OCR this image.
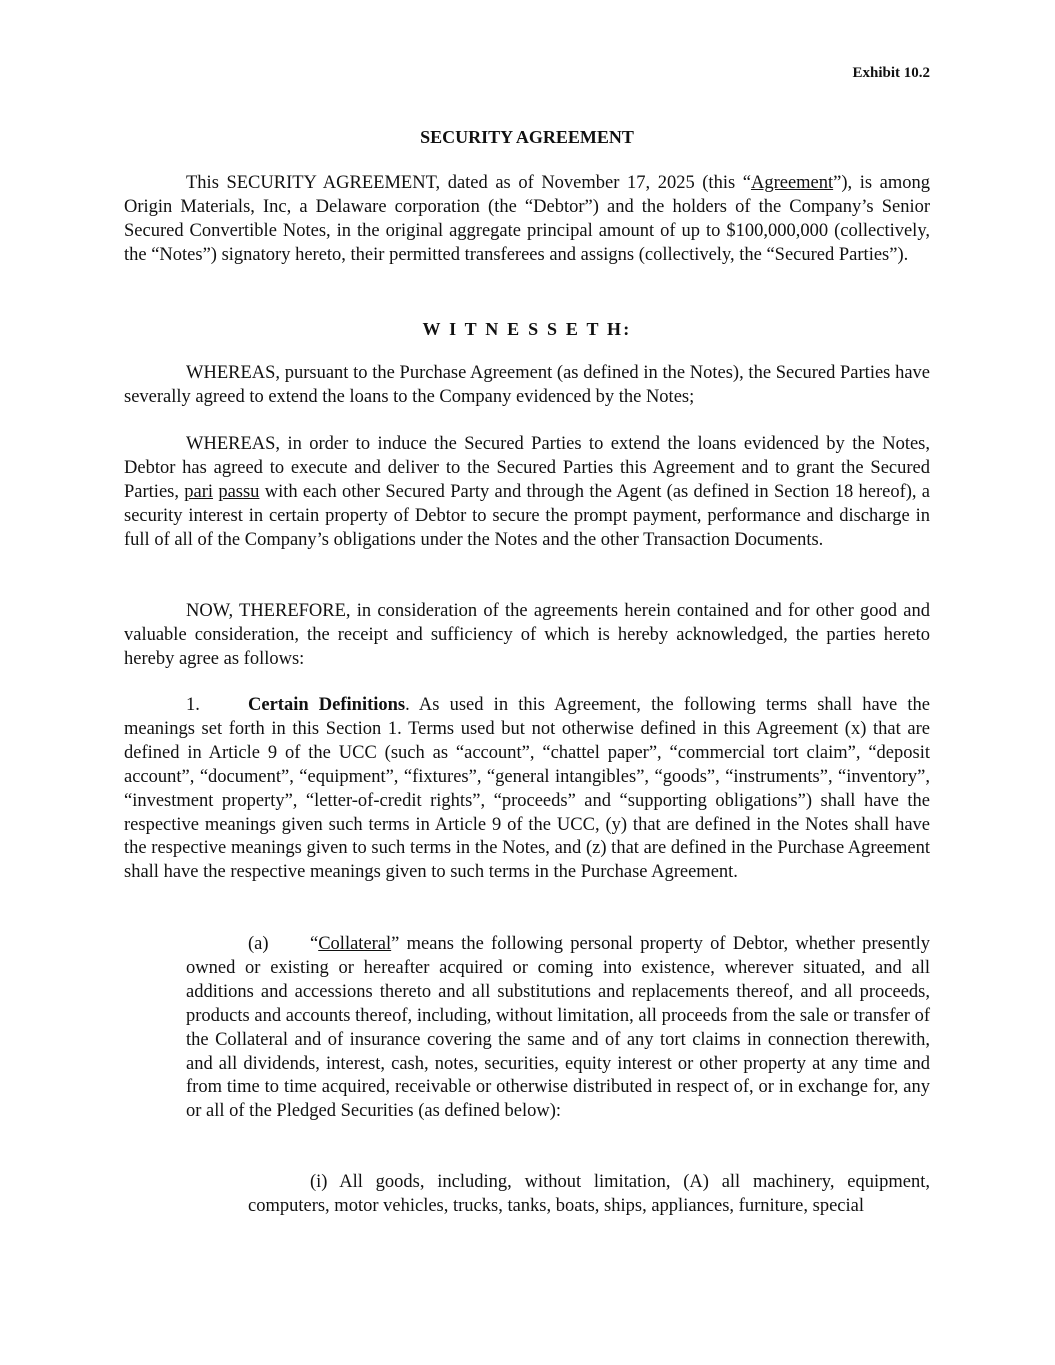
Exhibit 10.2
SECURITY AGREEMENT

This SECURITY AGREEMENT, dated as of November 17, 2025 (this “Agreement”), is among Origin Materials, Inc, a Delaware corporation (the “Debtor”) and the holders of the Company’s Senior Secured Convertible Notes, in the original aggregate principal amount of up to $100,000,000 (collectively, the “Notes”) signatory hereto, their permitted transferees and assigns (collectively, the “Secured Parties”).

W I T N E S S E T H:

WHEREAS, pursuant to the Purchase Agreement (as defined in the Notes), the Secured Parties have severally agreed to extend the loans to the Company evidenced by the Notes;

WHEREAS, in order to induce the Secured Parties to extend the loans evidenced by the Notes, Debtor has agreed to execute and deliver to the Secured Parties this Agreement and to grant the Secured Parties, pari passu with each other Secured Party and through the Agent (as defined in Section 18 hereof), a security interest in certain property of Debtor to secure the prompt payment, performance and discharge in full of all of the Company’s obligations under the Notes and the other Transaction Documents.

NOW, THEREFORE, in consideration of the agreements herein contained and for other good and valuable consideration, the receipt and sufficiency of which is hereby acknowledged, the parties hereto hereby agree as follows:

1.	Certain Definitions. As used in this Agreement, the following terms shall have the meanings set forth in this Section 1. Terms used but not otherwise defined in this Agreement (x) that are defined in Article 9 of the UCC (such as “account”, “chattel paper”, “commercial tort claim”, “deposit account”, “document”, “equipment”, “fixtures”, “general intangibles”, “goods”, “instruments”, “inventory”, “investment property”, “letter-of-credit rights”, “proceeds” and “supporting obligations”) shall have the respective meanings given such terms in Article 9 of the UCC, (y) that are defined in the Notes shall have the respective meanings given to such terms in the Notes, and (z) that are defined in the Purchase Agreement shall have the respective meanings given to such terms in the Purchase Agreement.

(a) “Collateral” means the following personal property of Debtor, whether presently owned or existing or hereafter acquired or coming into existence, wherever situated, and all additions and accessions thereto and all substitutions and replacements thereof, and all proceeds, products and accounts thereof, including, without limitation, all proceeds from the sale or transfer of the Collateral and of insurance covering the same and of any tort claims in connection therewith, and all dividends, interest, cash, notes, securities, equity interest or other property at any time and from time to time acquired, receivable or otherwise distributed in respect of, or in exchange for, any or all of the Pledged Securities (as defined below):

(i) All goods, including, without limitation, (A) all machinery, equipment, computers, motor vehicles, trucks, tanks, boats, ships, appliances, furniture, special
